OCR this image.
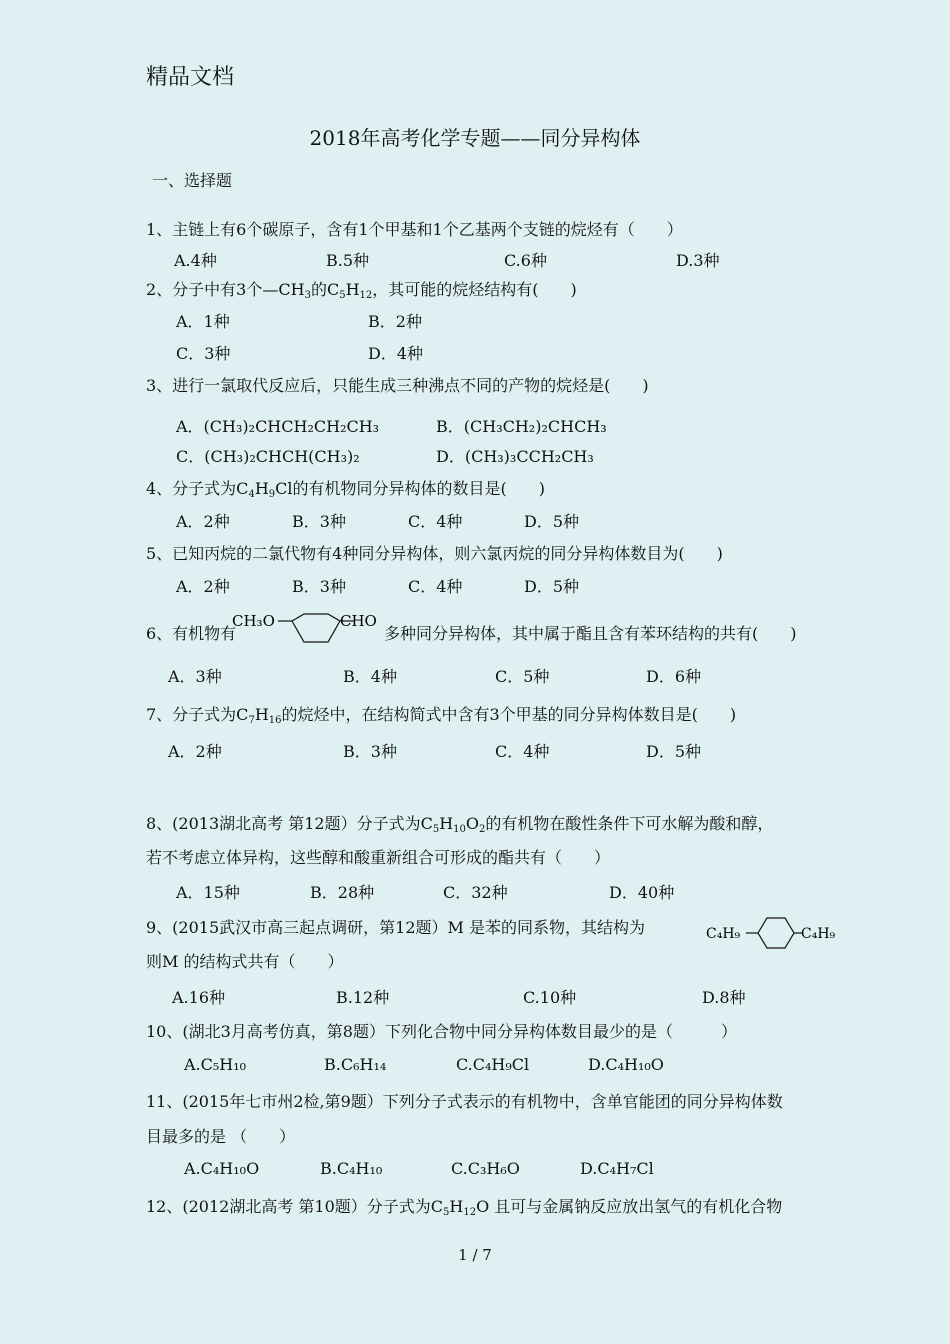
精品文档
2018年高考化学专题——同分异构体
一、选择题
1、主链上有6个碳原子，含有1个甲基和1个乙基两个支链的烷烃有（　　）
A.4种	B.5种	C.6种	D.3种
2、分子中有3个$—CH_3$的$C_5H_{12}$，其可能的烷烃结构有(　　)
A．1种	B．2种
C．3种	D．4种
3、进行一氯取代反应后，只能生成三种沸点不同的产物的烷烃是(　　)
A．(CH₃)₂CHCH₂CH₂CH₃	B．(CH₃CH₂)₂CHCH₃
C．(CH₃)₂CHCH(CH₃)₂	D．(CH₃)₃CCH₂CH₃
4、分子式为$C_4H_9Cl$的有机物同分异构体的数目是(　　)
A．2种	B．3种	C．4种	D．5种
5、已知丙烷的二氯代物有4种同分异构体，则六氯丙烷的同分异构体数目为(　　)
A．2种	B．3种	C．4种	D．5种
6、有机物有
CH₃O	CHO
多种同分异构体，其中属于酯且含有苯环结构的共有(　　)
A．3种	B．4种	C．5种	D．6种
7、分子式为$C_7H_{16}$的烷烃中，在结构简式中含有3个甲基的同分异构体数目是(　　)
A．2种	B．3种	C．4种	D．5种
8、(2013湖北高考 第12题）分子式为$C_5H_{10}O_2$的有机物在酸性条件下可水解为酸和醇，
若不考虑立体异构，这些醇和酸重新组合可形成的酯共有（　　）
A．15种	B．28种	C．32种	D．40种
9、(2015武汉市高三起点调研，第12题）M 是苯的同系物，其结构为	C₄H₉	C₄H₉
则M 的结构式共有（　　）
A.16种	B.12种	C.10种	D.8种
10、(湖北3月高考仿真，第8题）下列化合物中同分异构体数目最少的是（　　　）
A.C₅H₁₀	B.C₆H₁₄	C.C₄H₉Cl	D.C₄H₁₀O
11、(2015年七市州2检,第9题）下列分子式表示的有机物中，含单官能团的同分异构体数
目最多的是 （　　）
A.C₄H₁₀O	B.C₄H₁₀	C.C₃H₆O	D.C₄H₇Cl
12、(2012湖北高考 第10题）分子式为$C_5H_{12}O$ 且可与金属钠反应放出氢气的有机化合物
1 / 7
